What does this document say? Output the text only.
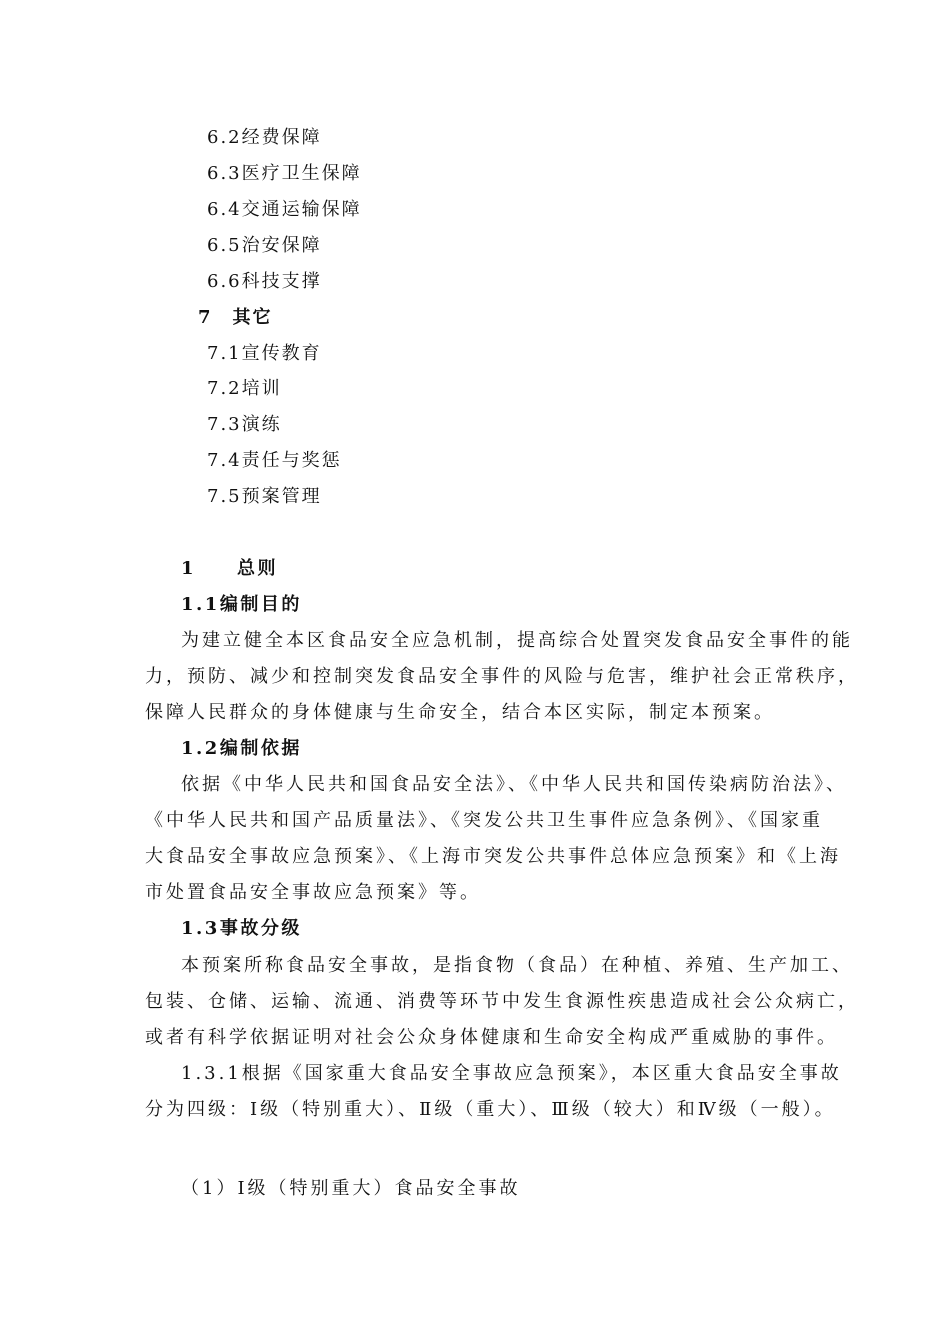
6.2经费保障
6.3医疗卫生保障
6.4交通运输保障
6.5治安保障
6.6科技支撑
7　其它
7.1宣传教育
7.2培训
7.3演练
7.4责任与奖惩
7.5预案管理
1　　总则
1.1编制目的
为建立健全本区食品安全应急机制，提高综合处置突发食品安全事件的能
力，预防、减少和控制突发食品安全事件的风险与危害，维护社会正常秩序，
保障人民群众的身体健康与生命安全，结合本区实际，制定本预案。
1.2编制依据
依据《中华人民共和国食品安全法》、《中华人民共和国传染病防治法》、
《中华人民共和国产品质量法》、《突发公共卫生事件应急条例》、《国家重
大食品安全事故应急预案》、《上海市突发公共事件总体应急预案》和《上海
市处置食品安全事故应急预案》等。
1.3事故分级
本预案所称食品安全事故，是指食物（食品）在种植、养殖、生产加工、
包装、仓储、运输、流通、消费等环节中发生食源性疾患造成社会公众病亡，
或者有科学依据证明对社会公众身体健康和生命安全构成严重威胁的事件。
1.3.1根据《国家重大食品安全事故应急预案》，本区重大食品安全事故
分为四级：Ⅰ级（特别重大）、Ⅱ级（重大）、Ⅲ级（较大）和Ⅳ级（一般）。
（1）Ⅰ级（特别重大）食品安全事故
